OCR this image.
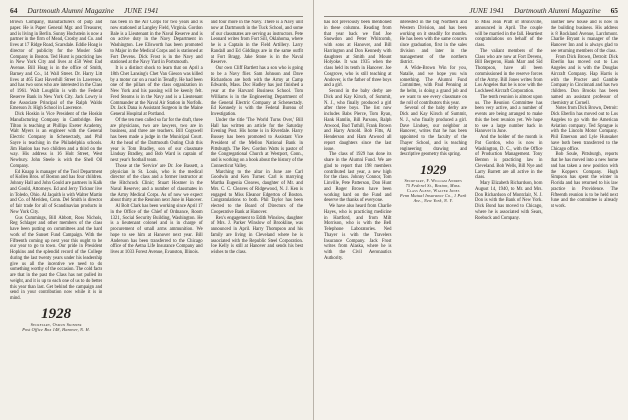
64 Dartmouth Alumni Magazine JUNE 1941

Brown Company, manufacturers of pulp and paper. He is Paper General Mgr. and Treasurer, and is living in Berlin. Sunny Hochstein is now a partner in the firm of Mead, Crosby and Co. and lives at 17 Ridge Road, Scarsdale. Eddie Hoag is director of publicity for the Mosler Safe Company in Boston. Ted Hurst is practicing law in New York City and lives at 450 West End Avenue. Bill Hoag is in the office of Smith, Barney and Co., 14 Wall Street. Dr. Harry Litt lives at 465 East Haverhill Street in Lawrence, and has two sons who are interested in the Class of 1961. Walt Loughlin is with the Federal Reserve Bank in New York City. Jack Lowry is the Associate Principal of the Ralph Waldo Emerson Jr. High School in Lawrence.

Dick Hoskin is Vice President of the Hoskin Manufacturing Company in Cambridge. Ben Tilton is teaching at Phillips Exeter Academy, Walt Myers is an engineer with the General Electric Company in Schenectady, and Phil Sayre is teaching in the Philadelphia schools. Jim Hanlon has two children and a third on the way. His address is 16 Holt Street, West Newbury. John Steele is with the Shell Oil Company.

Ed Knapp is manager of the Tool Department of Kollen Bros. of Boston and has four children. Johnny Hall and John Gould are partners in Kalk and Gould, Attorneys. Ed and Jerry Ticknor live in Toledo, Ohio. Al Jaquith is with Walter Martin and Co. of Meriden, Conn. Del Smith is director of fair trade for all of Scandinavian products in New York City.

Gus Cummings, Bill Abbott, Ross Nichols, Reg Schlager and other members of the class have been putting on committees and the hard work of the Sunset Fund Campaign. With the Fifteenth coming up next year this ought to be our year to go to town. Our pride in President Hopkins and the splendid record of the College during the last twenty years under his leadership give us all the incentive we need to do something worthy of the occasion. The cold facts are that in the past the Class has not pulled its weight, and it is up to each one of us to do better this year than last. Get behind the campaign and send in your contribution now while it is in mind.

1928
Secretary, Osmun Skinner
Post Office Box 148, Hanover, N. H.

has been in the Air Corps for two years and is now stationed at Langley Field, Virginia. Gordon Bale is a Lieutenant in the Naval Reserve and is on active duty in the Navy Department in Washington. Lee Ellsworth has been promoted to Major in the Medical Corps and is stationed at Fort Devens. Dick Frost is in the Navy and stationed at the Navy Yard in Portsmouth.

It is a distinct shock to learn that on April a 18th Chet Lansing's Chet Van Gieson was killed by a motor car on a road in Tenafly. He had been one of the pillars of the class organization in New York and his passing will be keenly felt. Fred Stearns is in the Navy and is a Lieutenant Commander at the Naval Air Station in Norfolk. Dr. Jack Dana is Assistant Surgeon in the Maine General Hospital at Portland.

Of the ten men called so far for the draft, three are physicians, two are lawyers, two are in business, and three are teachers. Bill Cogswell has been made a judge in the Municipal Court. At the head of the Dartmouth Outing Club this year is Tom Bradley, son of our classmate Lindsay Bradley, and Bob Ward is captain of next year's football team.

Those at the 'Service' are Dr. Joe Bassett, a physician in St. Louis, who is the medical director of the class and a former instructor at the Hitchcock Clinic; Stuart Hosmer in the Naval Reserve; and a number of classmates in the Army Medical Corps. As of now we expect about thirty at the Reunion next June in Hanover.

Al Bolt Clark has been working since April 17 in the Office of the Chief of Ordnance, Room 1321, Social Security Building, Washington. He is a lieutenant colonel and is in charge of procurement of small arms ammunition. We hope to see him at Hanover next year. Bill Anderson has been transferred to the Chicago office of the Aetna Life Insurance Company and lives at 1033 Forest Avenue, Evanston, Illinois.

and four more in the Navy. There is a Navy unit now at Dartmouth in the Tuck School, and some of our classmates are serving as instructors. Pete Leonard writes from Fort Sill, Oklahoma, where he is a Captain in the Field Artillery. Larry Randall and Ed Giddings are in the same outfit at Fort Bragg. Jake Stone is in the Naval Reserve.

Our own Cliff Bartlett has a son who is going to be a Navy flier. Sam Johnson and Dave Richardson are both with the Army at Camp Edwards, Mass. Doc Hadley has just finished a year at the Harvard Business School. Tom Williams is in the Engineering Department of the General Electric Company at Schenectady. Ed Kennedy is with the Federal Bureau of Investigation.

Under the title 'The World Turns Over,' Bill Hall has written an article for the Saturday Evening Post. His home is in Riverdale. Harry Bussey has been promoted to Assistant Vice President of the Mellon National Bank in Pittsburgh. The Rev. Gordon Watts is pastor of the Congregational Church at Westport, Conn., and is working on a book about the history of the Connecticut Valley.

Marching to the altar in June are Carl Goodwin and Ken Turner. Carl is marrying Martha Eugenia Cleaves, daughter of Mr. and Mrs. C. C. Cleaves of Ridgewood, N. J. Ken is engaged to Miss Eleanor Edgerton of Boston. Congratulations to both. Phil Taylor has been elected to the Board of Directors of the Cooperative Bank at Hanover.

Rex's engagement to Edith Winslow, daughter of Mrs. J. Parker Winslow of Brookline, was announced in April. Harry Thompson and his family are living in Cleveland where he is associated with the Republic Steel Corporation. Joe Kelly is still at Hanover and sends his best wishes to the class.

JUNE 1941 Dartmouth Alumni Magazine 65

has not previously been mentioned in these columns. Reading from that year back we find Joe Snowdon and Peter Whitcomb, with sons at Hanover, and Bill Harrington and Don Kennedy with daughters at Smith and Mount Holyoke. It was 1935 when the class held its tenth in Hanover. Joe Cosgrove, who is still teaching at Andover, is the father of three boys and a girl.

Second in the baby derby are Dick and Kay Kirsch, of Summit, N. J., who finally produced a girl after three boys. The list now includes Babs Pierce, Tom Ryan, Hank Hamlin, Bill Parsons, Ralph Atwood, Bud Tuthill, Frank Brown and Harry Arnold. Bob Fitts, Al Henderson and Ham Atwood all report daughters since the last issue.

The class of 1929 has done its share in the Alumni Fund. We are glad to report that 198 members contributed last year, a new high for the class. Johnny Connor, Tom Linville, Pete Patterson, Don Hunt and Roger Brown have been working hard on the Fund and deserve the thanks of everyone.

We have also heard from Charlie Hayes, who is practicing medicine in Hartford, and from Milt Morrison, who is with the Bell Telephone Laboratories. Ned Thayer is with the Travelers Insurance Company. Jack Frost writes from Alaska, where he is with the Civil Aeronautics Authority.

interested in the big Northern and Western Division, and has been working on it steadily for months. He has been with the same concern since graduation, first in the sales division and later in the management of the northern district.

A Wide-Brown Win for you, Natalie, and we hope you win something. The Alumni Fund Committee, with Paul Penning at the helm, is doing a grand job and we want to see every classmate on the roll of contributors this year.

Several of the baby derby are Dick and Kay Kirsch of Summit, N. J., who finally produced a girl. Dave Lindsey, our neighbor at Hanover, writes that he has been appointed to the faculty of the Thayer School, and is teaching engineering drawing and descriptive geometry this spring.

1929
Secretary, F. William Andres
75 Federal St., Boston, Mass.
Class Agent, Walter Jones
Penn Mutual Insurance Co., 1 Park Ave., New York, N. Y.

to Miss Jean Pratt of Bronxville, announced in April. The couple will be married in the fall. Heartiest congratulations on behalf of the class.

The valiant members of the Class who are now at Fort Devens, Bill Bergeron, Hank Marr and Sid Thompson, have all been commissioned in the reserve forces of the Army. Bill Jones writes from Los Angeles that he is now with the Lockheed Aircraft Corporation.

The tenth reunion is almost upon us. The Reunion Committee has been very active, and a number of events are being arranged to make this the best reunion yet. We hope to see a large number back in Hanover in June.

And the holder of the month is Pat Gordon, who is now in Washington, D. C., with the Office of Production Management. Tony Benton is practicing law in Cleveland. Bob Wells, Bill Nye and Larry Barrett are all active in the class.

Mary Elizabeth Richardson, born August 14, 1940, to Mr. and Mrs. Don Richardson of Montclair, N. J. Don is with the Bank of New York. Dick Bond has moved to Chicago, where he is associated with Sears, Roebuck and Company.

another new house and is now in the building business. His address is 8 Rockland Avenue, Larchmont. Charlie Bryant is manager of the Hanover Inn and is always glad to see returning members of the class.

From Dick Brown, Detroit: Dick Eberlin has moved out to Los Angeles and is with the Douglas Aircraft Company. Hap Harris is with the Procter and Gamble Company in Cincinnati and has two children. Don Brooks has been named an assistant professor of chemistry at Cornell.

Notes from Dick Brown, Detroit: Dick Eberlin has moved out to Los Angeles to go with the American Aviation company. Ted Sprague is with the Lincoln Motor Company. Phil Emerson and Lyle Hunsaker have both been transferred to the Chicago office.

Bob Soule, Pittsburgh, reports that he has moved into a new home and has taken a new position with the Koppers Company. Hugh Simpson has spent the winter in Florida and has returned to his law practice in Providence. The Fifteenth reunion is to be held next June and the committee is already at work.
